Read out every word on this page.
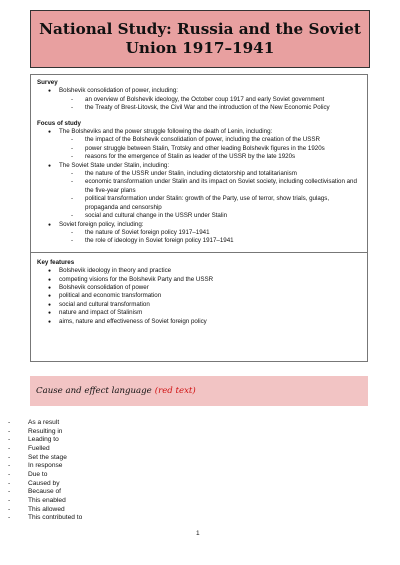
National Study: Russia and the Soviet Union 1917–1941
Survey
● Bolshevik consolidation of power, including:
- an overview of Bolshevik ideology, the October coup 1917 and early Soviet government
- the Treaty of Brest-Litovsk, the Civil War and the introduction of the New Economic Policy
Focus of study
● The Bolsheviks and the power struggle following the death of Lenin, including:
- the impact of the Bolshevik consolidation of power, including the creation of the USSR
- power struggle between Stalin, Trotsky and other leading Bolshevik figures in the 1920s
- reasons for the emergence of Stalin as leader of the USSR by the late 1920s
● The Soviet State under Stalin, including:
- the nature of the USSR under Stalin, including dictatorship and totalitarianism
- economic transformation under Stalin and its impact on Soviet society, including collectivisation and the five-year plans
- political transformation under Stalin: growth of the Party, use of terror, show trials, gulags, propaganda and censorship
- social and cultural change in the USSR under Stalin
● Soviet foreign policy, including:
- the nature of Soviet foreign policy 1917–1941
- the role of ideology in Soviet foreign policy 1917–1941
Key features
● Bolshevik ideology in theory and practice
● competing visions for the Bolshevik Party and the USSR
● Bolshevik consolidation of power
● political and economic transformation
● social and cultural transformation
● nature and impact of Stalinism
● aims, nature and effectiveness of Soviet foreign policy
Cause and effect language (red text)
- As a result
- Resulting in
- Leading to
- Fuelled
- Set the stage
- In response
- Due to
- Caused by
- Because of
- This enabled
- This allowed
- This contributed to
1
